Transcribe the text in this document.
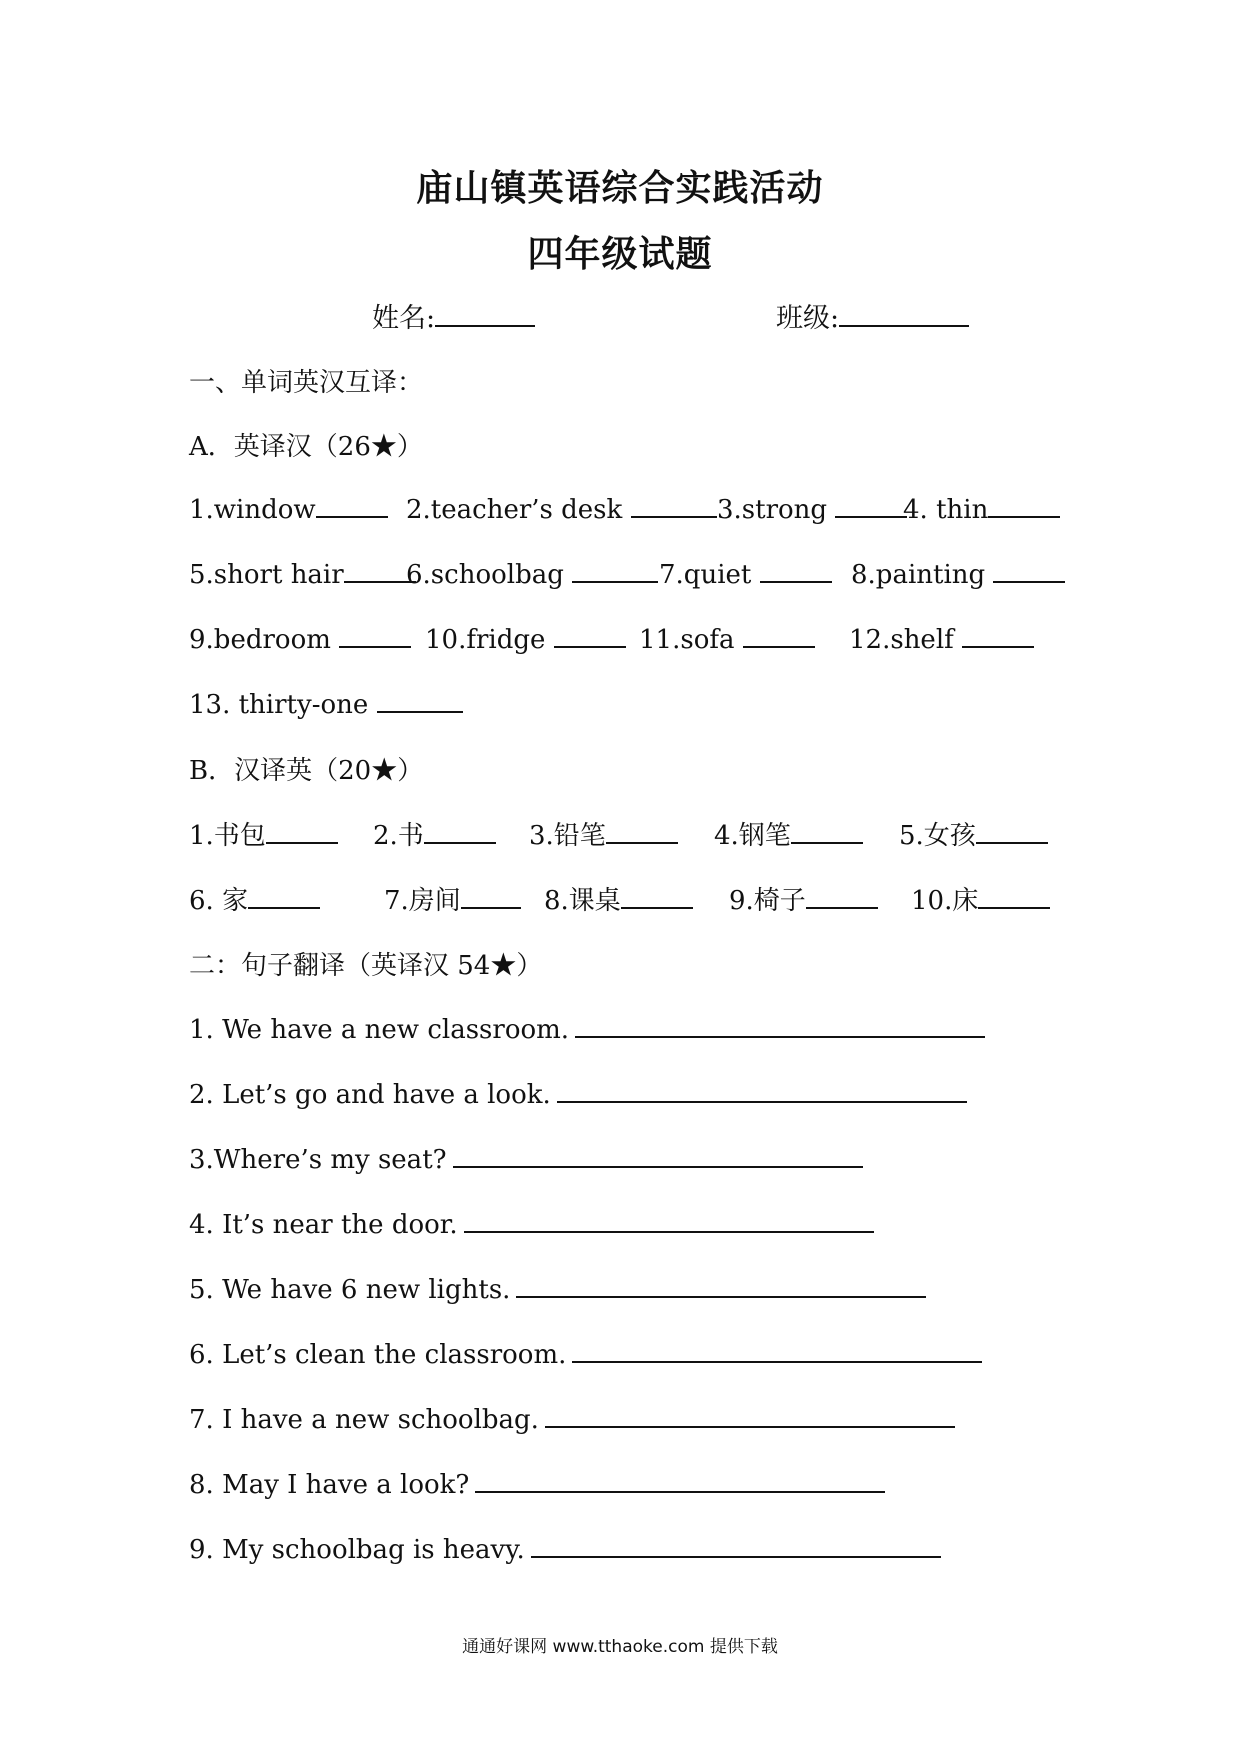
庙山镇英语综合实践活动
四年级试题
姓名:	班级:
一、单词英汉互译：
A．英译汉（26★）
1.window	2.teacher’s desk	3.strong	4. thin
5.short hair	6.schoolbag	7.quiet	8.painting
9.bedroom	10.fridge	11.sofa	12.shelf
13. thirty-one
B．汉译英（20★）
1.书包	2.书	3.铅笔	4.钢笔	5.女孩
6. 家	7.房间	8.课桌	9.椅子	10.床
二：句子翻译（英译汉 54★）
1. We have a new classroom.
2. Let’s go and have a look.
3.Where’s my seat?
4. It’s near the door.
5. We have 6 new lights.
6. Let’s clean the classroom.
7. I have a new schoolbag.
8. May I have a look?
9. My schoolbag is heavy.
通通好课网 www.tthaoke.com 提供下载
